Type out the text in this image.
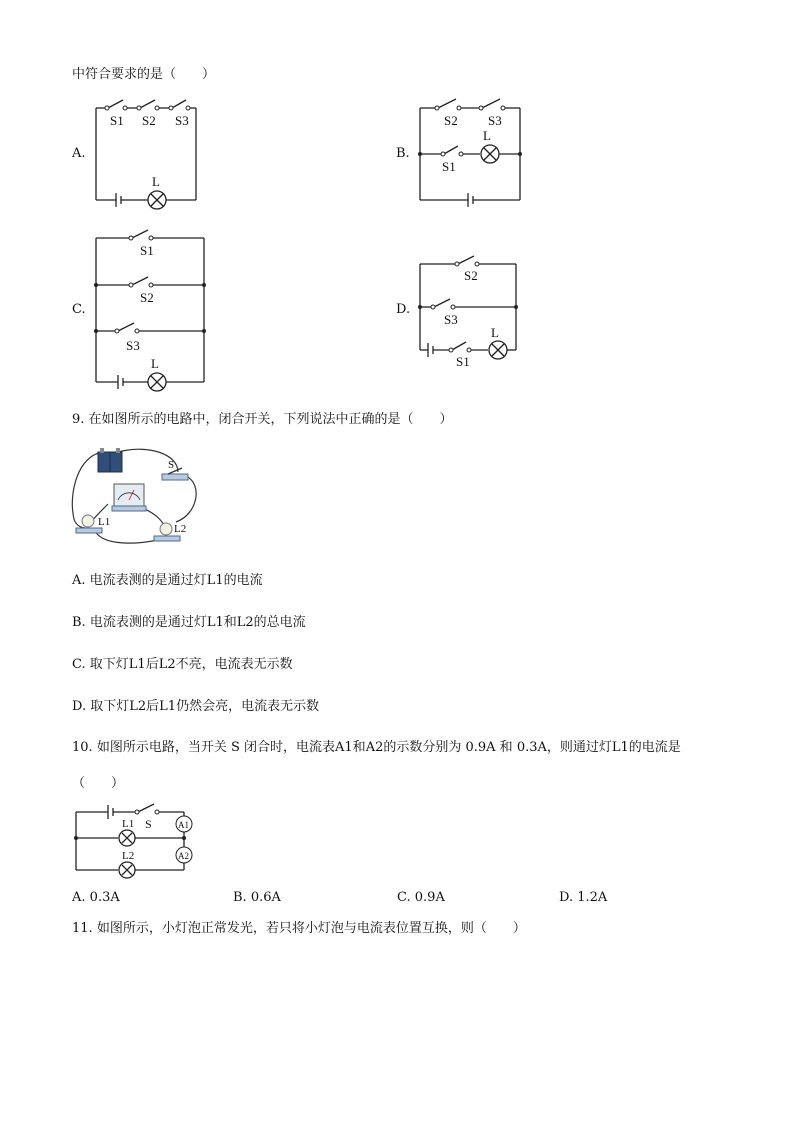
中符合要求的是（　　）
A.
S1 S2 S3
L
B.
S2 S3
S1
L
C.
S1
S2
S3
L
D.
S2
S3
S1
L
9. 在如图所示的电路中，闭合开关，下列说法中正确的是（　　）
S
L1
L2
A. 电流表测的是通过灯L1的电流
B. 电流表测的是通过灯L1和L2的总电流
C. 取下灯L1后L2不亮，电流表无示数
D. 取下灯L2后L1仍然会亮，电流表无示数
10. 如图所示电路，当开关 S 闭合时，电流表A1和A2的示数分别为 0.9A 和 0.3A，则通过灯L1的电流是
（　　）
S
L1
L2
A1
A2
A. 0.3A	B. 0.6A	C. 0.9A	D. 1.2A
11. 如图所示，小灯泡正常发光，若只将小灯泡与电流表位置互换，则（　　）
